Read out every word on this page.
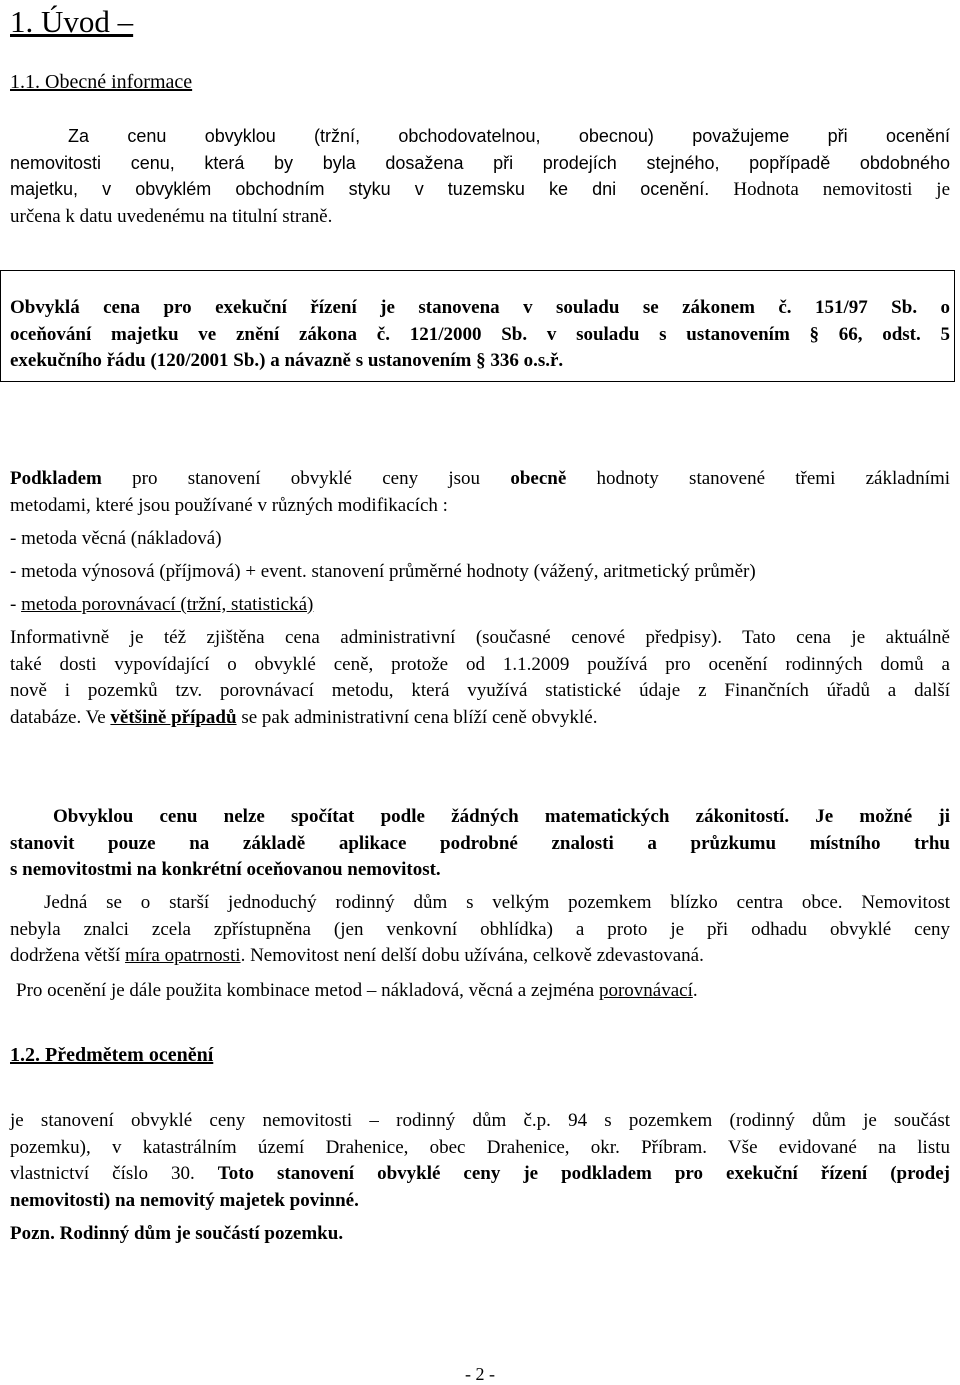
1. Úvod –
1.1. Obecné informace
Za cenu obvyklou (tržní, obchodovatelnou, obecnou) považujeme při ocenění
nemovitosti cenu, která by byla dosažena při prodejích stejného, popřípadě obdobného
majetku, v obvyklém obchodním styku v tuzemsku ke dni ocenění. Hodnota nemovitosti je
určena k datu uvedenému na titulní straně.
Obvyklá cena pro exekuční řízení je stanovena v souladu se zákonem č. 151/97 Sb. o
oceňování majetku ve znění zákona č. 121/2000 Sb. v souladu s ustanovením § 66, odst. 5
exekučního řádu (120/2001 Sb.) a návazně s ustanovením § 336 o.s.ř.
Podkladem pro stanovení obvyklé ceny jsou obecně hodnoty stanovené třemi základními
metodami, které jsou používané v různých modifikacích :

- metoda věcná (nákladová)

- metoda výnosová (příjmová) + event. stanovení průměrné hodnoty (vážený, aritmetický průměr)

- metoda porovnávací (tržní, statistická)

Informativně je též zjištěna cena administrativní (současné cenové předpisy). Tato cena je aktuálně
také dosti vypovídající o obvyklé ceně, protože od 1.1.2009 používá pro ocenění rodinných domů a
nově i pozemků tzv. porovnávací metodu, která využívá statistické údaje z Finančních úřadů a další
databáze. Ve většině případů se pak administrativní cena blíží ceně obvyklé.
Obvyklou cenu nelze spočítat podle žádných matematických zákonitostí. Je možné ji
stanovit pouze na základě aplikace podrobné znalosti a průzkumu místního trhu
s nemovitostmi na konkrétní oceňovanou nemovitost.
Jedná se o starší jednoduchý rodinný dům s velkým pozemkem blízko centra obce. Nemovitost
nebyla znalci zcela zpřístupněna (jen venkovní obhlídka) a proto je při odhadu obvyklé ceny
dodržena větší míra opatrnosti. Nemovitost není delší dobu užívána, celkově zdevastovaná.

Pro ocenění je dále použita kombinace metod – nákladová, věcná a zejména porovnávací.

1.2. Předmětem ocenění
je stanovení obvyklé ceny nemovitosti – rodinný dům č.p. 94 s pozemkem (rodinný dům je součást
pozemku), v katastrálním území Drahenice, obec Drahenice, okr. Příbram. Vše evidované na listu
vlastnictví číslo 30. Toto stanovení obvyklé ceny je podkladem pro exekuční řízení (prodej
nemovitosti) na nemovitý majetek povinné.

Pozn. Rodinný dům je součástí pozemku.

- 2 -
